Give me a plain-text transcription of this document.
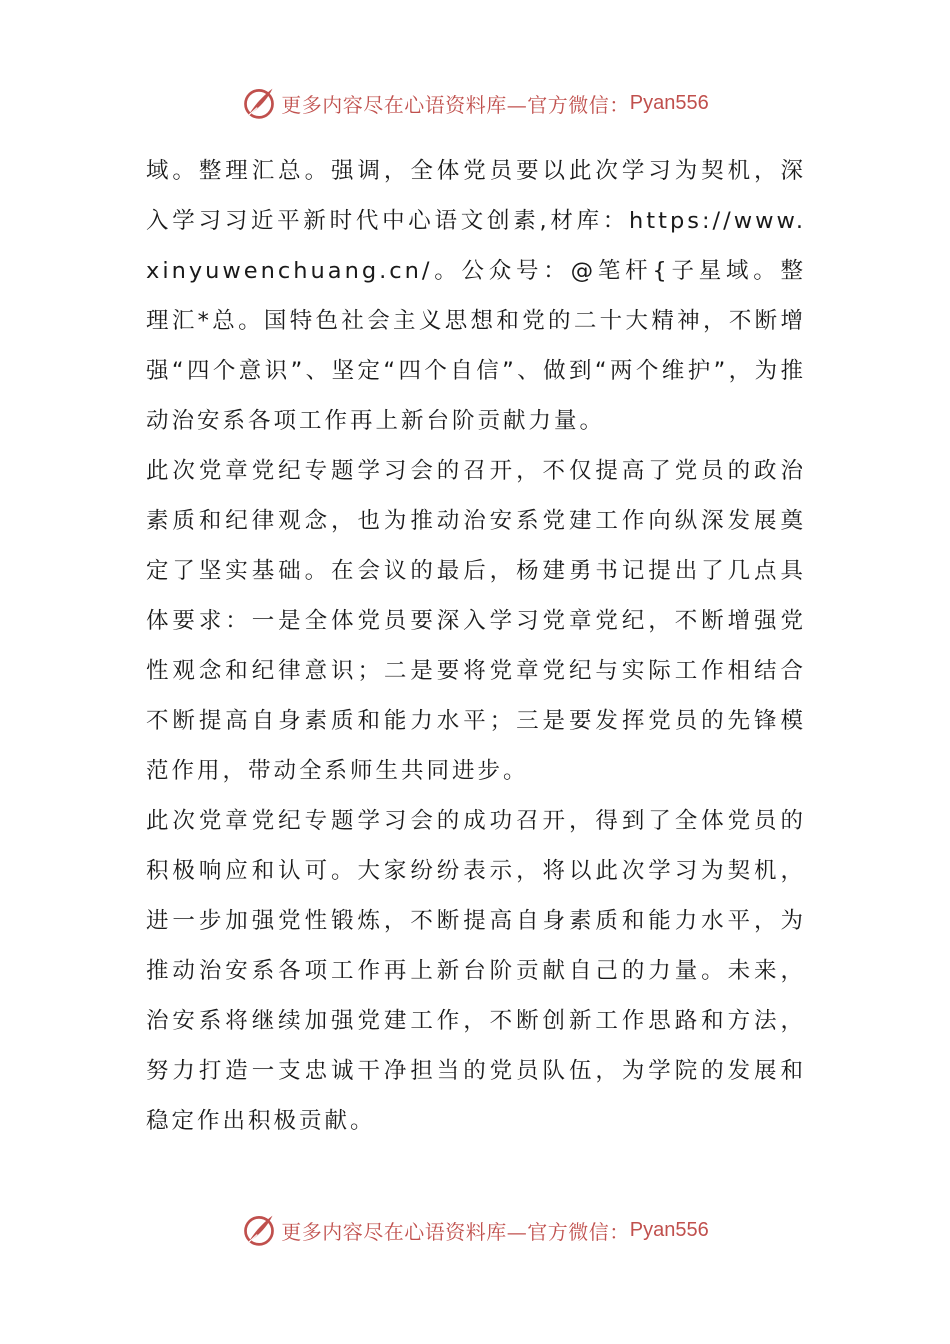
更多内容尽在心语资料库—官方微信： Pyan556

域。整理汇总。强调，全体党员要以此次学习为契机，深入学习习近平新时代中心语文创素,材库：https://www.xinyuwenchuang.cn/。公众号：@笔杆{子星域。整理汇*总。国特色社会主义思想和党的二十大精神，不断增强“四个意识”、坚定“四个自信”、做到“两个维护”，为推动治安系各项工作再上新台阶贡献力量。

此次党章党纪专题学习会的召开，不仅提高了党员的政治素质和纪律观念，也为推动治安系党建工作向纵深发展奠定了坚实基础。在会议的最后，杨建勇书记提出了几点具体要求：一是全体党员要深入学习党章党纪，不断增强党性观念和纪律意识；二是要将党章党纪与实际工作相结合不断提高自身素质和能力水平；三是要发挥党员的先锋模范作用，带动全系师生共同进步。

此次党章党纪专题学习会的成功召开，得到了全体党员的积极响应和认可。大家纷纷表示，将以此次学习为契机，进一步加强党性锻炼，不断提高自身素质和能力水平，为推动治安系各项工作再上新台阶贡献自己的力量。未来，治安系将继续加强党建工作，不断创新工作思路和方法，努力打造一支忠诚干净担当的党员队伍，为学院的发展和稳定作出积极贡献。

更多内容尽在心语资料库—官方微信： Pyan556
